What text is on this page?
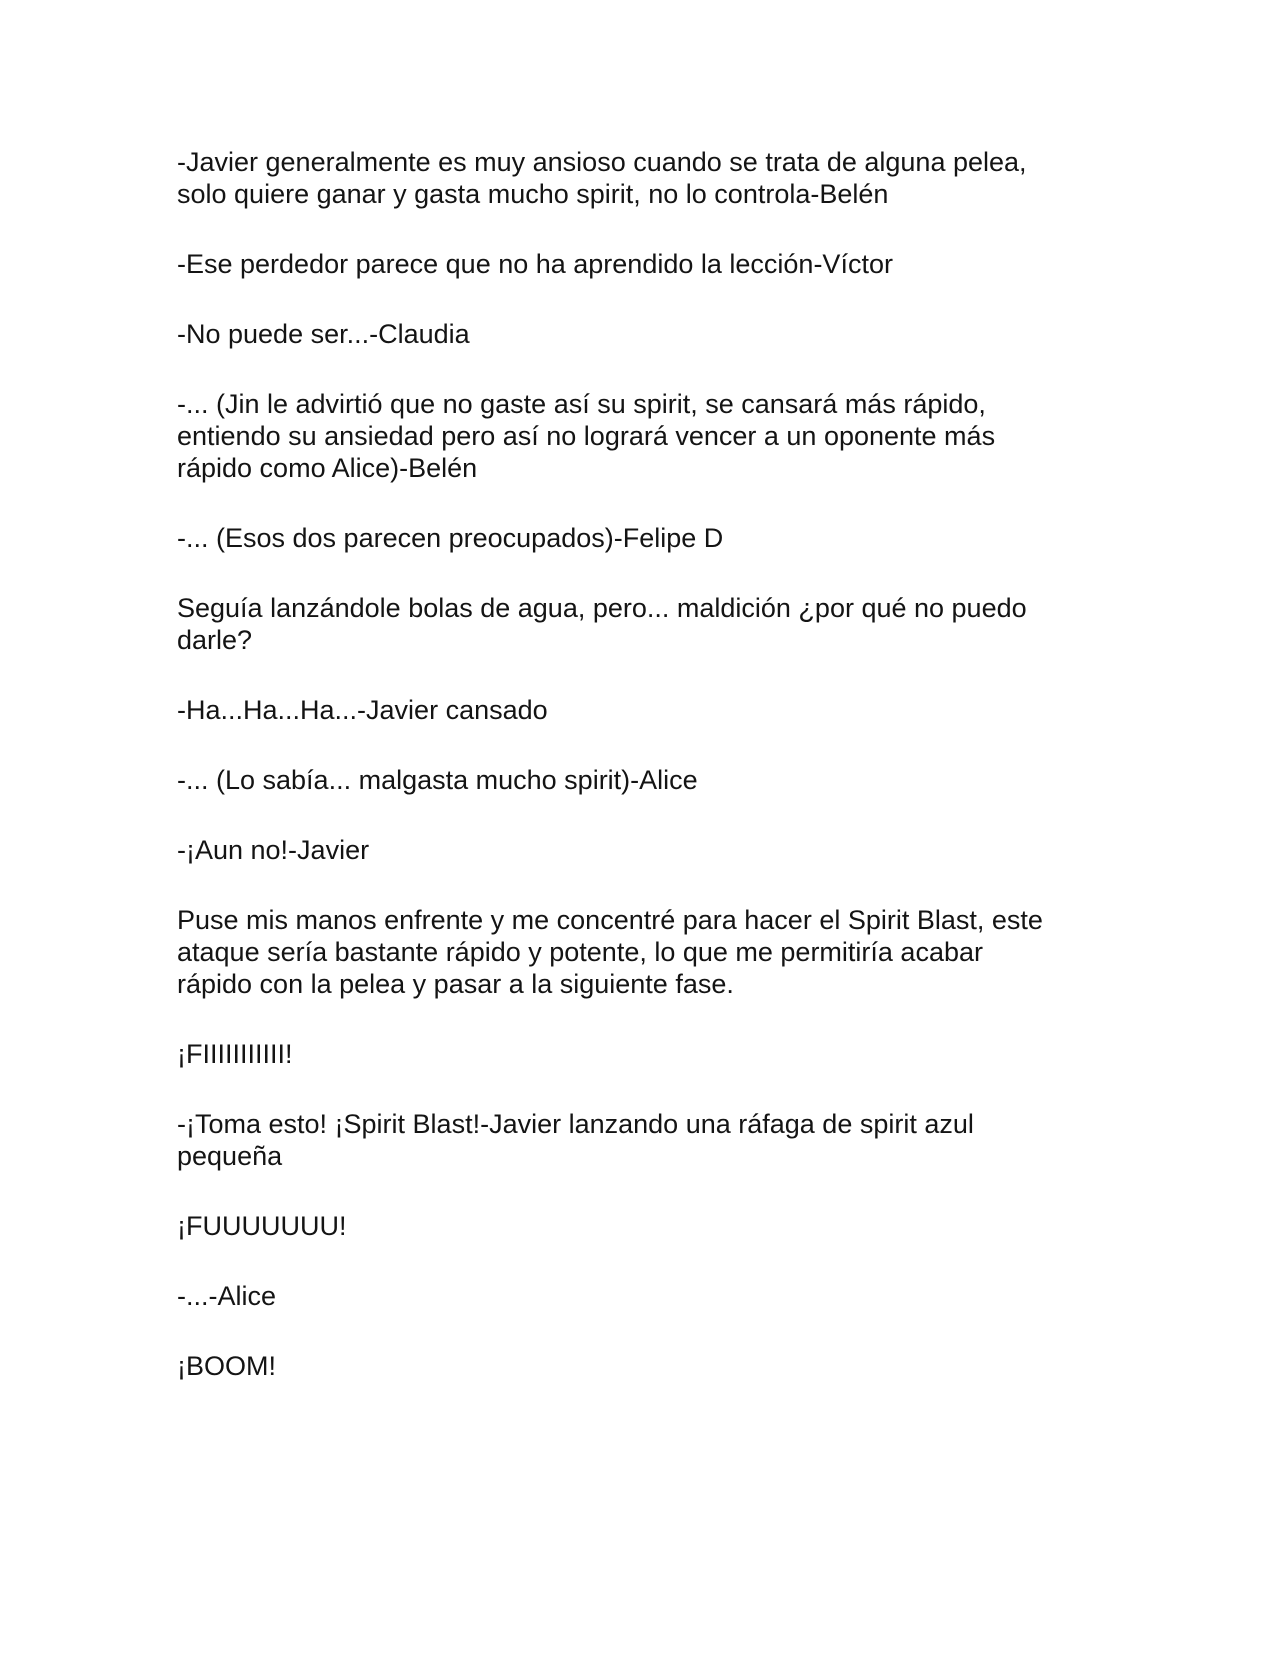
-Javier generalmente es muy ansioso cuando se trata de alguna pelea,
solo quiere ganar y gasta mucho spirit, no lo controla-Belén

-Ese perdedor parece que no ha aprendido la lección-Víctor

-No puede ser...-Claudia

-... (Jin le advirtió que no gaste así su spirit, se cansará más rápido,
entiendo su ansiedad pero así no logrará vencer a un oponente más
rápido como Alice)-Belén

-... (Esos dos parecen preocupados)-Felipe D

Seguía lanzándole bolas de agua, pero... maldición ¿por qué no puedo
darle?

-Ha...Ha...Ha...-Javier cansado

-... (Lo sabía... malgasta mucho spirit)-Alice

-¡Aun no!-Javier

Puse mis manos enfrente y me concentré para hacer el Spirit Blast, este
ataque sería bastante rápido y potente, lo que me permitiría acabar
rápido con la pelea y pasar a la siguiente fase.

¡FIIIIIIIIIII!

-¡Toma esto! ¡Spirit Blast!-Javier lanzando una ráfaga de spirit azul
pequeña

¡FUUUUUUU!

-...-Alice

¡BOOM!
